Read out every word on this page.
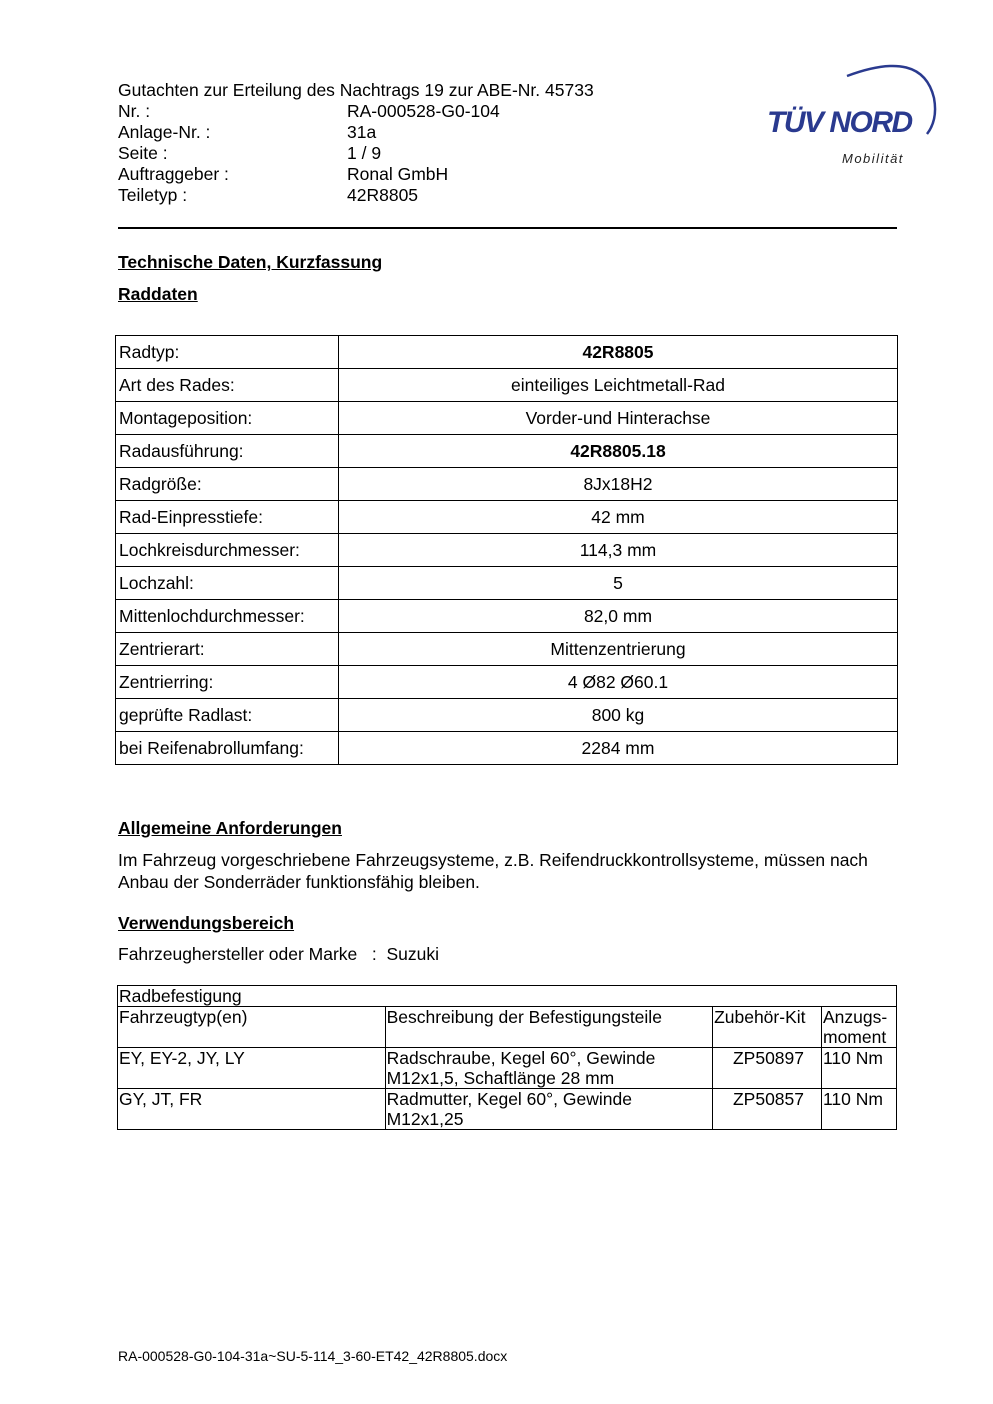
Gutachten zur Erteilung des Nachtrags 19 zur ABE-Nr. 45733
Nr. :	RA-000528-G0-104
Anlage-Nr. :	31a
Seite :	1 / 9
Auftraggeber :	Ronal GmbH
Teiletyp :	42R8805
TÜV NORD
Mobilität
Technische Daten, Kurzfassung
Raddaten
Radtyp:	42R8805
Art des Rades:	einteiliges Leichtmetall-Rad
Montageposition:	Vorder-und Hinterachse
Radausführung:	42R8805.18
Radgröße:	8Jx18H2
Rad-Einpresstiefe:	42 mm
Lochkreisdurchmesser:	114,3 mm
Lochzahl:	5
Mittenlochdurchmesser:	82,0 mm
Zentrierart:	Mittenzentrierung
Zentrierring:	4 Ø82 Ø60.1
geprüfte Radlast:	800 kg
bei Reifenabrollumfang:	2284 mm
Allgemeine Anforderungen
Im Fahrzeug vorgeschriebene Fahrzeugsysteme, z.B. Reifendruckkontrollsysteme, müssen nach Anbau der Sonderräder funktionsfähig bleiben.
Verwendungsbereich
Fahrzeughersteller oder Marke : Suzuki
Radbefestigung			
Fahrzeugtyp(en)	Beschreibung der Befestigungsteile	Zubehör-Kit	Anzugs-moment
EY, EY-2, JY, LY	Radschraube, Kegel 60°, Gewinde M12x1,5, Schaftlänge 28 mm	ZP50897	110 Nm
GY, JT, FR	Radmutter, Kegel 60°, Gewinde M12x1,25	ZP50857	110 Nm
RA-000528-G0-104-31a~SU-5-114_3-60-ET42_42R8805.docx
